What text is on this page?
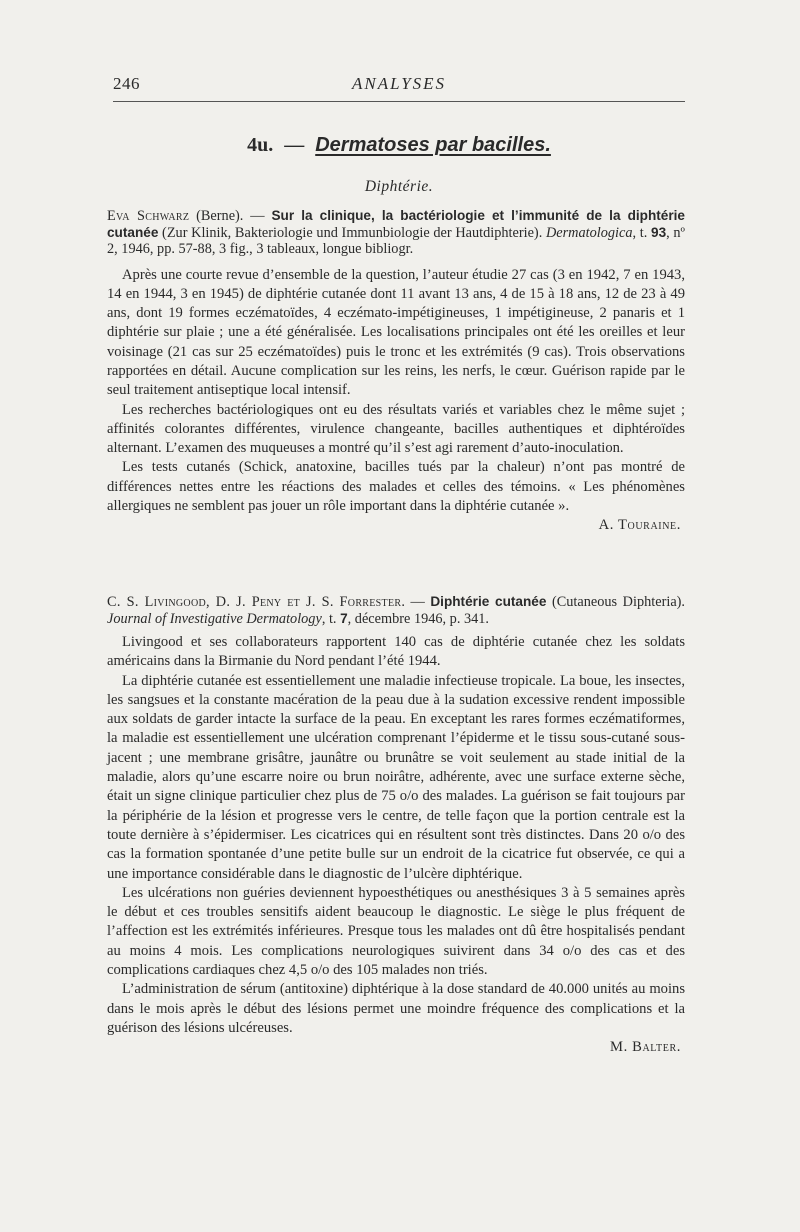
246	ANALYSES
4u. — Dermatoses par bacilles.
Diphtérie.

Eva Schwarz (Berne). — Sur la clinique, la bactériologie et l’immunité de la diphtérie cutanée (Zur Klinik, Bakteriologie und Immunbiologie der Hautdiphterie). Dermatologica, t. 93, nº 2, 1946, pp. 57-88, 3 fig., 3 tableaux, longue bibliogr.

Après une courte revue d’ensemble de la question, l’auteur étudie 27 cas (3 en 1942, 7 en 1943, 14 en 1944, 3 en 1945) de diphtérie cutanée dont 11 avant 13 ans, 4 de 15 à 18 ans, 12 de 23 à 49 ans, dont 19 formes eczématoïdes, 4 eczémato-impétigineuses, 1 impétigineuse, 2 panaris et 1 diphtérie sur plaie ; une a été généralisée. Les localisations principales ont été les oreilles et leur voisinage (21 cas sur 25 eczématoïdes) puis le tronc et les extrémités (9 cas). Trois observations rapportées en détail. Aucune complication sur les reins, les nerfs, le cœur. Guérison rapide par le seul traitement antiseptique local intensif.

Les recherches bactériologiques ont eu des résultats variés et variables chez le même sujet ; affinités colorantes différentes, virulence changeante, bacilles authentiques et diphtéroïdes alternant. L’examen des muqueuses a montré qu’il s’est agi rarement d’auto-inoculation.

Les tests cutanés (Schick, anatoxine, bacilles tués par la chaleur) n’ont pas montré de différences nettes entre les réactions des malades et celles des témoins. « Les phénomènes allergiques ne semblent pas jouer un rôle important dans la diphtérie cutanée ».

A. Touraine.

C. S. Livingood, D. J. Peny et J. S. Forrester. — Diphtérie cutanée (Cutaneous Diphteria). Journal of Investigative Dermatology, t. 7, décembre 1946, p. 341.

Livingood et ses collaborateurs rapportent 140 cas de diphtérie cutanée chez les soldats américains dans la Birmanie du Nord pendant l’été 1944.

La diphtérie cutanée est essentiellement une maladie infectieuse tropicale. La boue, les insectes, les sangsues et la constante macération de la peau due à la sudation excessive rendent impossible aux soldats de garder intacte la surface de la peau. En exceptant les rares formes eczématiformes, la maladie est essentiellement une ulcération comprenant l’épiderme et le tissu sous-cutané sous-jacent ; une membrane grisâtre, jaunâtre ou brunâtre se voit seulement au stade initial de la maladie, alors qu’une escarre noire ou brun noirâtre, adhérente, avec une surface externe sèche, était un signe clinique particulier chez plus de 75 o/o des malades. La guérison se fait toujours par la périphérie de la lésion et progresse vers le centre, de telle façon que la portion centrale est la toute dernière à s’épidermiser. Les cicatrices qui en résultent sont très distinctes. Dans 20 o/o des cas la formation spontanée d’une petite bulle sur un endroit de la cicatrice fut observée, ce qui a une importance considérable dans le diagnostic de l’ulcère diphtérique.

Les ulcérations non guéries deviennent hypoesthétiques ou anesthésiques 3 à 5 semaines après le début et ces troubles sensitifs aident beaucoup le diagnostic. Le siège le plus fréquent de l’affection est les extrémités inférieures. Presque tous les malades ont dû être hospitalisés pendant au moins 4 mois. Les complications neurologiques suivirent dans 34 o/o des cas et des complications cardiaques chez 4,5 o/o des 105 malades non triés.

L’administration de sérum (antitoxine) diphtérique à la dose standard de 40.000 unités au moins dans le mois après le début des lésions permet une moindre fréquence des complications et la guérison des lésions ulcéreuses.

M. Balter.
